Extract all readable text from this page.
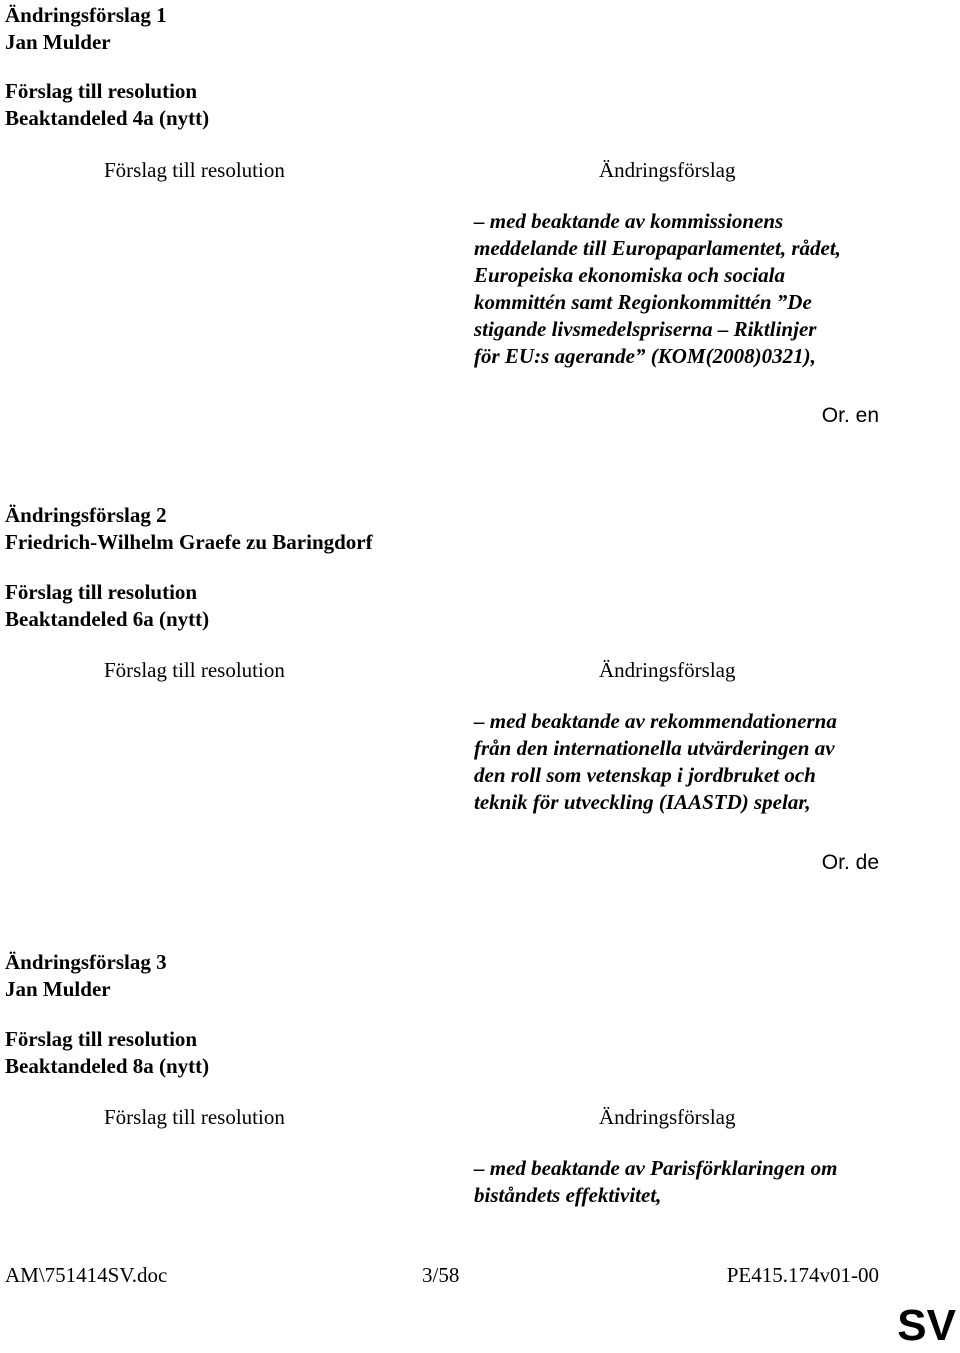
Ändringsförslag 1
Jan Mulder
Förslag till resolution
Beaktandeled 4a (nytt)
Förslag till resolution	Ändringsförslag
– med beaktande av kommissionens
meddelande till Europaparlamentet, rådet,
Europeiska ekonomiska och sociala
kommittén samt Regionkommittén ”De
stigande livsmedelspriserna – Riktlinjer
för EU:s agerande” (KOM(2008)0321),
Or. en
Ändringsförslag 2
Friedrich-Wilhelm Graefe zu Baringdorf
Förslag till resolution
Beaktandeled 6a (nytt)
Förslag till resolution	Ändringsförslag
– med beaktande av rekommendationerna
från den internationella utvärderingen av
den roll som vetenskap i jordbruket och
teknik för utveckling (IAASTD) spelar,
Or. de
Ändringsförslag 3
Jan Mulder
Förslag till resolution
Beaktandeled 8a (nytt)
Förslag till resolution	Ändringsförslag
– med beaktande av Parisförklaringen om
biståndets effektivitet,
AM\751414SV.doc	3/58	PE415.174v01-00
SV
